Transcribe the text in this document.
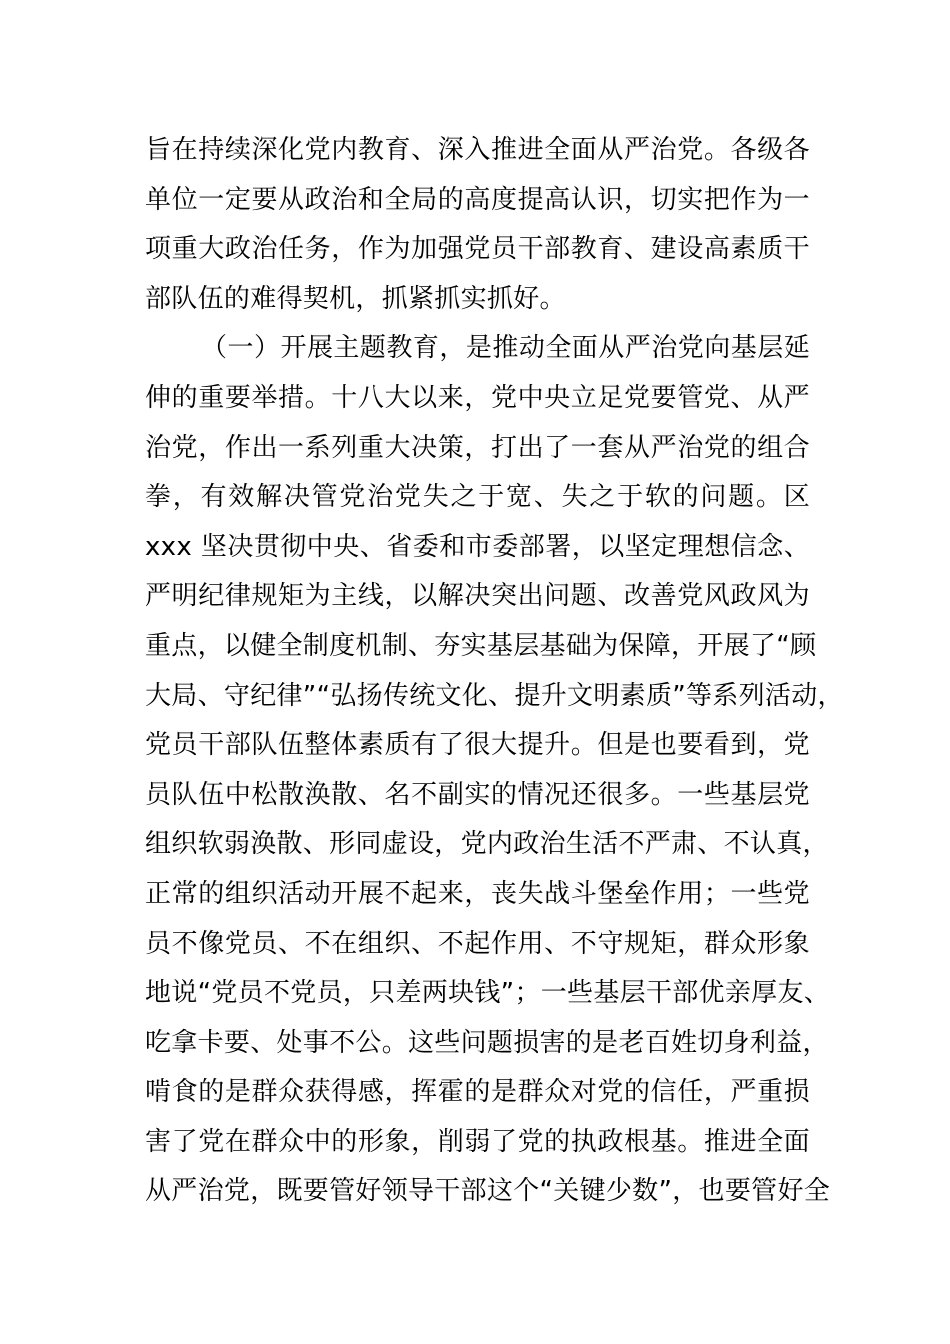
旨在持续深化党内教育、深入推进全面从严治党。各级各
单位一定要从政治和全局的高度提高认识，切实把作为一
项重大政治任务，作为加强党员干部教育、建设高素质干
部队伍的难得契机，抓紧抓实抓好。
（一）开展主题教育，是推动全面从严治党向基层延
伸的重要举措。十八大以来，党中央立足党要管党、从严
治党，作出一系列重大决策，打出了一套从严治党的组合
拳，有效解决管党治党失之于宽、失之于软的问题。区
xxx 坚决贯彻中央、省委和市委部署，以坚定理想信念、
严明纪律规矩为主线，以解决突出问题、改善党风政风为
重点，以健全制度机制、夯实基层基础为保障，开展了“顾
大局、守纪律”“弘扬传统文化、提升文明素质”等系列活动，
党员干部队伍整体素质有了很大提升。但是也要看到，党
员队伍中松散涣散、名不副实的情况还很多。一些基层党
组织软弱涣散、形同虚设，党内政治生活不严肃、不认真，
正常的组织活动开展不起来，丧失战斗堡垒作用；一些党
员不像党员、不在组织、不起作用、不守规矩，群众形象
地说“党员不党员，只差两块钱”；一些基层干部优亲厚友、
吃拿卡要、处事不公。这些问题损害的是老百姓切身利益，
啃食的是群众获得感，挥霍的是群众对党的信任，严重损
害了党在群众中的形象，削弱了党的执政根基。推进全面
从严治党，既要管好领导干部这个“关键少数”，也要管好全
